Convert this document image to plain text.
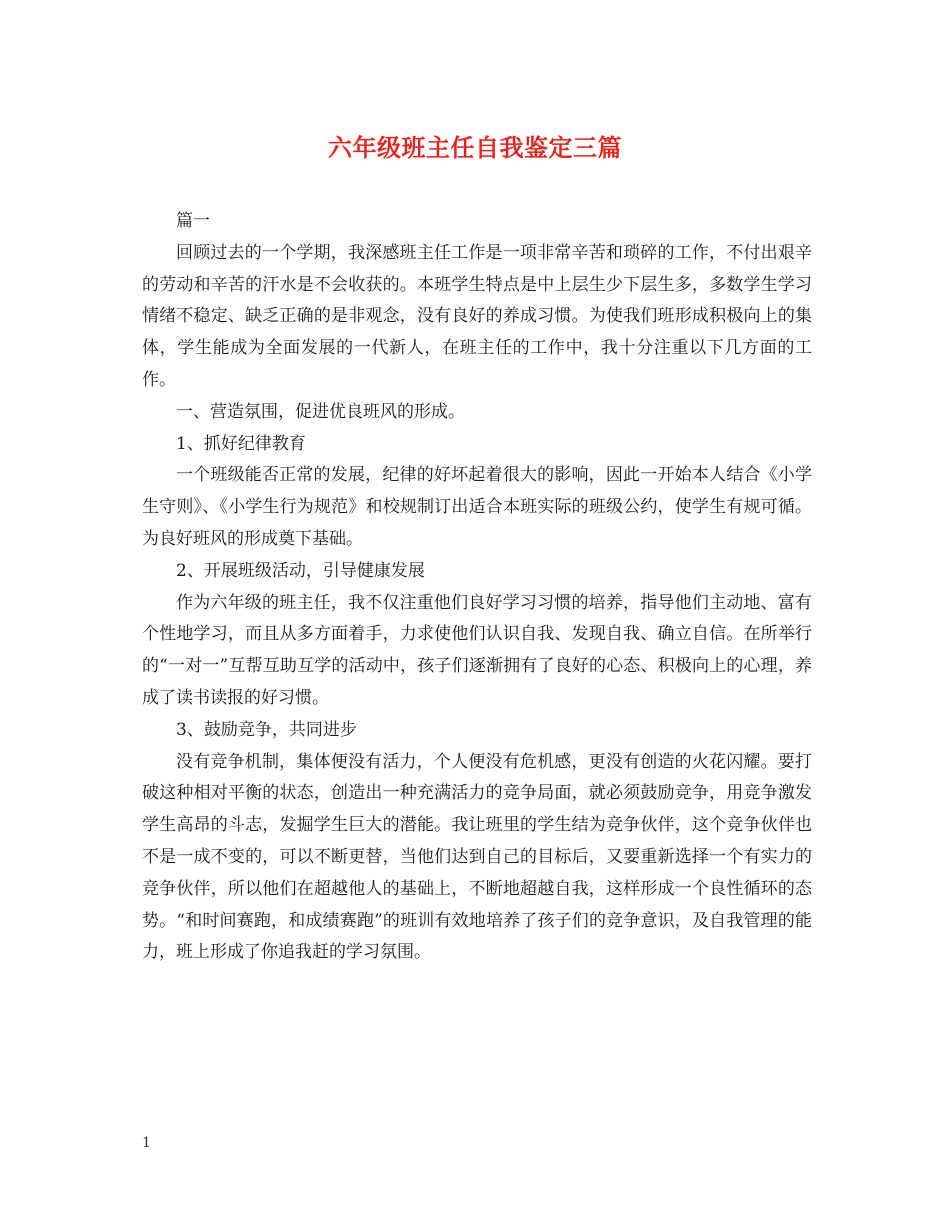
六年级班主任自我鉴定三篇

篇一

回顾过去的一个学期，我深感班主任工作是一项非常辛苦和琐碎的工作，不付出艰辛的劳动和辛苦的汗水是不会收获的。本班学生特点是中上层生少下层生多，多数学生学习情绪不稳定、缺乏正确的是非观念，没有良好的养成习惯。为使我们班形成积极向上的集体，学生能成为全面发展的一代新人，在班主任的工作中，我十分注重以下几方面的工作。

一、营造氛围，促进优良班风的形成。

1、抓好纪律教育

一个班级能否正常的发展，纪律的好坏起着很大的影响，因此一开始本人结合《小学生守则》、《小学生行为规范》和校规制订出适合本班实际的班级公约，使学生有规可循。为良好班风的形成奠下基础。

2、开展班级活动，引导健康发展

作为六年级的班主任，我不仅注重他们良好学习习惯的培养，指导他们主动地、富有个性地学习，而且从多方面着手，力求使他们认识自我、发现自我、确立自信。在所举行的“一对一”互帮互助互学的活动中，孩子们逐渐拥有了良好的心态、积极向上的心理，养成了读书读报的好习惯。

3、鼓励竞争，共同进步

没有竞争机制，集体便没有活力，个人便没有危机感，更没有创造的火花闪耀。要打破这种相对平衡的状态，创造出一种充满活力的竞争局面，就必须鼓励竞争，用竞争激发学生高昂的斗志，发掘学生巨大的潜能。我让班里的学生结为竞争伙伴，这个竞争伙伴也不是一成不变的，可以不断更替，当他们达到自己的目标后，又要重新选择一个有实力的竞争伙伴，所以他们在超越他人的基础上，不断地超越自我，这样形成一个良性循环的态势。“和时间赛跑，和成绩赛跑”的班训有效地培养了孩子们的竞争意识，及自我管理的能力，班上形成了你追我赶的学习氛围。

1
